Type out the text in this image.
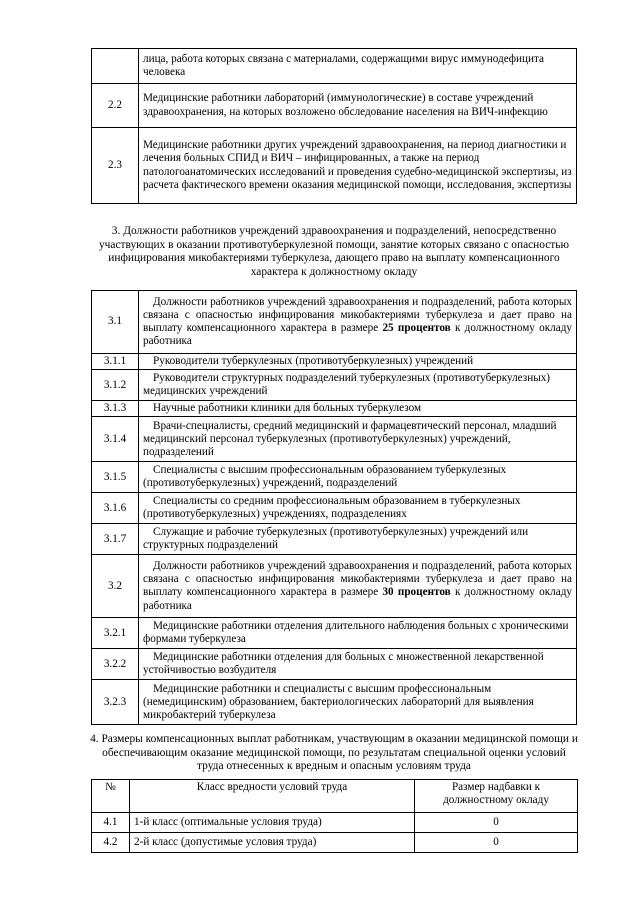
	лица, работа которых связана с материалами, содержащими вирус иммунодефицита человека
2.2	Медицинские работники лабораторий (иммунологические) в составе учреждений здравоохранения, на которых возложено обследование населения на ВИЧ-инфекцию
2.3	Медицинские работники других учреждений здравоохранения, на период диагностики и лечения больных СПИД и ВИЧ – инфицированных, а также на период патологоанатомических исследований и проведения судебно-медицинской экспертизы, из расчета фактического времени оказания медицинской помощи, исследования, экспертизы
3. Должности работников учреждений здравоохранения и подразделений, непосредственно участвующих в оказании противотуберкулезной помощи, занятие которых связано с опасностью инфицирования микобактериями туберкулеза, дающего право на выплату компенсационного характера к должностному окладу
3.1	Должности работников учреждений здравоохранения и подразделений, работа которых связана с опасностью инфицирования микобактериями туберкулеза и дает право на выплату компенсационного характера в размере 25 процентов к должностному окладу работника
3.1.1	Руководители туберкулезных (противотуберкулезных) учреждений
3.1.2	Руководители структурных подразделений туберкулезных (противотуберкулезных) медицинских учреждений
3.1.3	Научные работники клиники для больных туберкулезом
3.1.4	Врачи-специалисты, средний медицинский и фармацевтический персонал, младший медицинский персонал туберкулезных (противотуберкулезных) учреждений, подразделений
3.1.5	Специалисты с высшим профессиональным образованием туберкулезных (противотуберкулезных) учреждений, подразделений
3.1.6	Специалисты со средним профессиональным образованием в туберкулезных (противотуберкулезных) учреждениях, подразделениях
3.1.7	Служащие и рабочие туберкулезных (противотуберкулезных) учреждений или структурных подразделений
3.2	Должности работников учреждений здравоохранения и подразделений, работа которых связана с опасностью инфицирования микобактериями туберкулеза и дает право на выплату компенсационного характера в размере 30 процентов к должностному окладу работника
3.2.1	Медицинские работники отделения длительного наблюдения больных с хроническими формами туберкулеза
3.2.2	Медицинские работники отделения для больных с множественной лекарственной устойчивостью возбудителя
3.2.3	Медицинские работники и специалисты с высшим профессиональным (немедицинским) образованием, бактериологических лабораторий для выявления микробактерий туберкулеза
4. Размеры компенсационных выплат работникам, участвующим в оказании медицинской помощи и обеспечивающим оказание медицинской помощи, по результатам специальной оценки условий труда отнесенных к вредным и опасным условиям труда
№	Класс вредности условий труда	Размер надбавки к должностному окладу
4.1	1-й класс (оптимальные условия труда)	0
4.2	2-й класс (допустимые условия труда)	0
